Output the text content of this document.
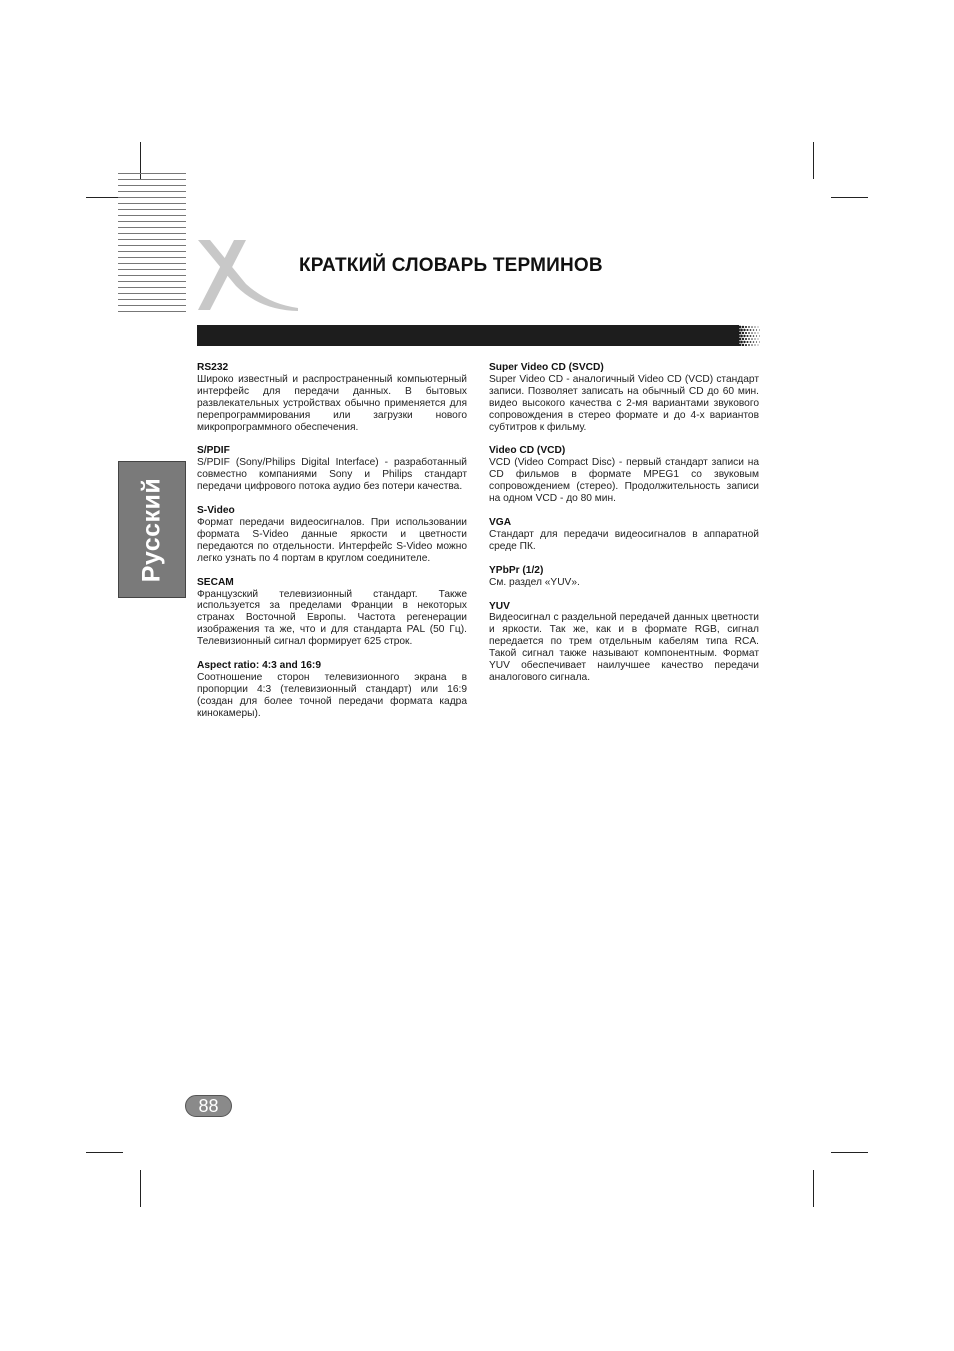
КРАТКИЙ СЛОВАРЬ ТЕРМИНОВ
Русский
RS232
Широко известный и распространенный компьютерный интерфейс для передачи данных. В бытовых развлекательных устройствах обычно применяется для перепрограммирования или загрузки нового микропрограммного обеспечения.
S/PDIF
S/PDIF (Sony/Philips Digital Interface) - разработанный совместно компаниями Sony и Philips стандарт передачи цифрового потока аудио без потери качества.
S-Video
Формат передачи видеосигналов. При использовании формата S-Video данные яркости и цветности передаются по отдельности. Интерфейс S-Video можно легко узнать по 4 портам в круглом соединителе.
SECAM
Французский телевизионный стандарт. Также используется за пределами Франции в некоторых странах Восточной Европы. Частота регенерации изображения та же, что и для стандарта PAL (50 Гц). Телевизионный сигнал формирует 625 строк.
Aspect ratio: 4:3 and 16:9
Соотношение сторон телевизионного экрана в пропорции 4:3 (телевизионный стандарт) или 16:9 (создан для более точной передачи формата кадра кинокамеры).
Super Video CD (SVCD)
Super Video CD - аналогичный Video CD (VCD) стандарт записи. Позволяет записать на обычный CD до 60 мин. видео высокого качества с 2-мя вариантами звукового сопровождения в стерео формате и до 4-х вариантов субтитров к фильму.
Video CD (VCD)
VCD (Video Compact Disc) - первый стандарт записи на CD фильмов в формате MPEG1 со звуковым сопровождением (стерео). Продолжительность записи на одном VCD - до 80 мин.
VGA
Стандарт для передачи видеосигналов в аппаратной среде ПК.
YPbPr (1/2)
См. раздел «YUV».
YUV
Видеосигнал с раздельной передачей данных цветности и яркости. Так же, как и в формате RGB, сигнал передается по трем отдельным кабелям типа RCA. Такой сигнал также называют компонентным. Формат YUV обеспечивает наилучшее качество передачи аналогового сигнала.
88
